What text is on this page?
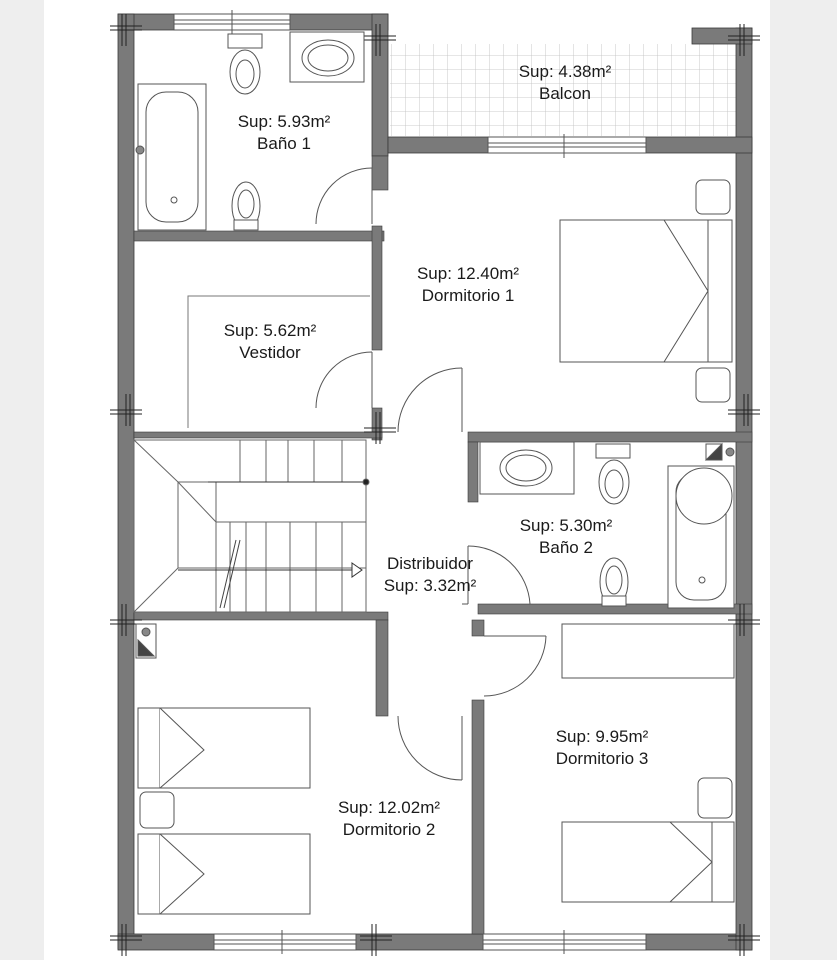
Sup: 5.93m²
Baño 1
Sup: 4.38m²
Balcon
Sup: 12.40m²
Dormitorio 1
Sup: 5.62m²
Vestidor
Distribuidor
Sup: 3.32m²
Sup: 5.30m²
Baño 2
Sup: 9.95m²
Dormitorio 3
Sup: 12.02m²
Dormitorio 2
